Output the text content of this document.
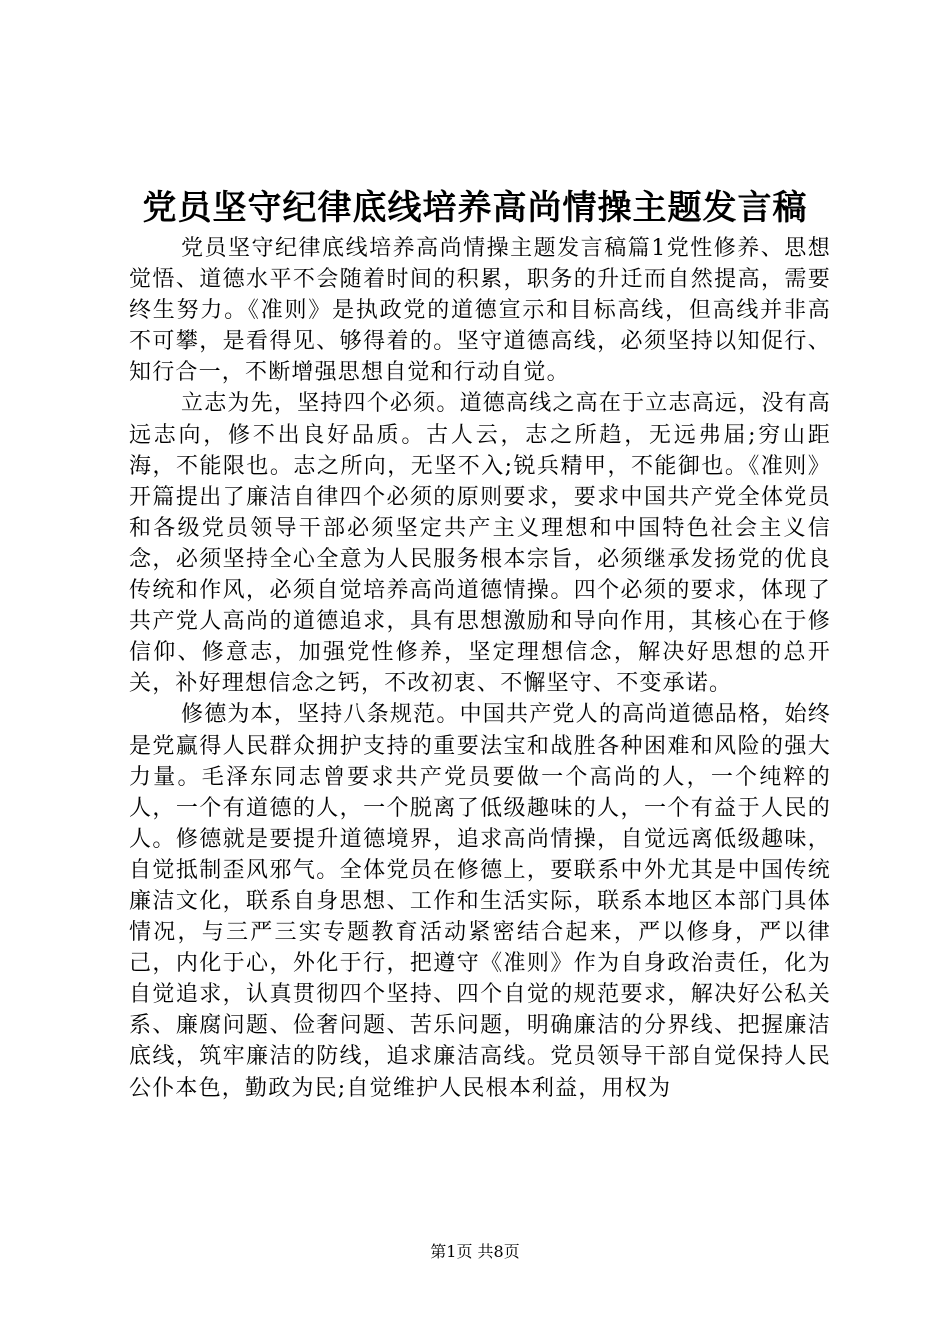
党员坚守纪律底线培养高尚情操主题发言稿

党员坚守纪律底线培养高尚情操主题发言稿篇1党性修养、思想觉悟、道德水平不会随着时间的积累，职务的升迁而自然提高，需要终生努力。《准则》是执政党的道德宣示和目标高线，但高线并非高不可攀，是看得见、够得着的。坚守道德高线，必须坚持以知促行、知行合一，不断增强思想自觉和行动自觉。

立志为先，坚持四个必须。道德高线之高在于立志高远，没有高远志向，修不出良好品质。古人云，志之所趋，无远弗届;穷山距海，不能限也。志之所向，无坚不入;锐兵精甲，不能御也。《准则》开篇提出了廉洁自律四个必须的原则要求，要求中国共产党全体党员和各级党员领导干部必须坚定共产主义理想和中国特色社会主义信念，必须坚持全心全意为人民服务根本宗旨，必须继承发扬党的优良传统和作风，必须自觉培养高尚道德情操。四个必须的要求，体现了共产党人高尚的道德追求，具有思想激励和导向作用，其核心在于修信仰、修意志，加强党性修养，坚定理想信念，解决好思想的总开关，补好理想信念之钙，不改初衷、不懈坚守、不变承诺。

修德为本，坚持八条规范。中国共产党人的高尚道德品格，始终是党赢得人民群众拥护支持的重要法宝和战胜各种困难和风险的强大力量。毛泽东同志曾要求共产党员要做一个高尚的人，一个纯粹的人，一个有道德的人，一个脱离了低级趣味的人，一个有益于人民的人。修德就是要提升道德境界，追求高尚情操，自觉远离低级趣味，自觉抵制歪风邪气。全体党员在修德上，要联系中外尤其是中国传统廉洁文化，联系自身思想、工作和生活实际，联系本地区本部门具体情况，与三严三实专题教育活动紧密结合起来，严以修身，严以律己，内化于心，外化于行，把遵守《准则》作为自身政治责任，化为自觉追求，认真贯彻四个坚持、四个自觉的规范要求，解决好公私关系、廉腐问题、俭奢问题、苦乐问题，明确廉洁的分界线、把握廉洁底线，筑牢廉洁的防线，追求廉洁高线。党员领导干部自觉保持人民公仆本色，勤政为民;自觉维护人民根本利益，用权为

第1页 共8页
